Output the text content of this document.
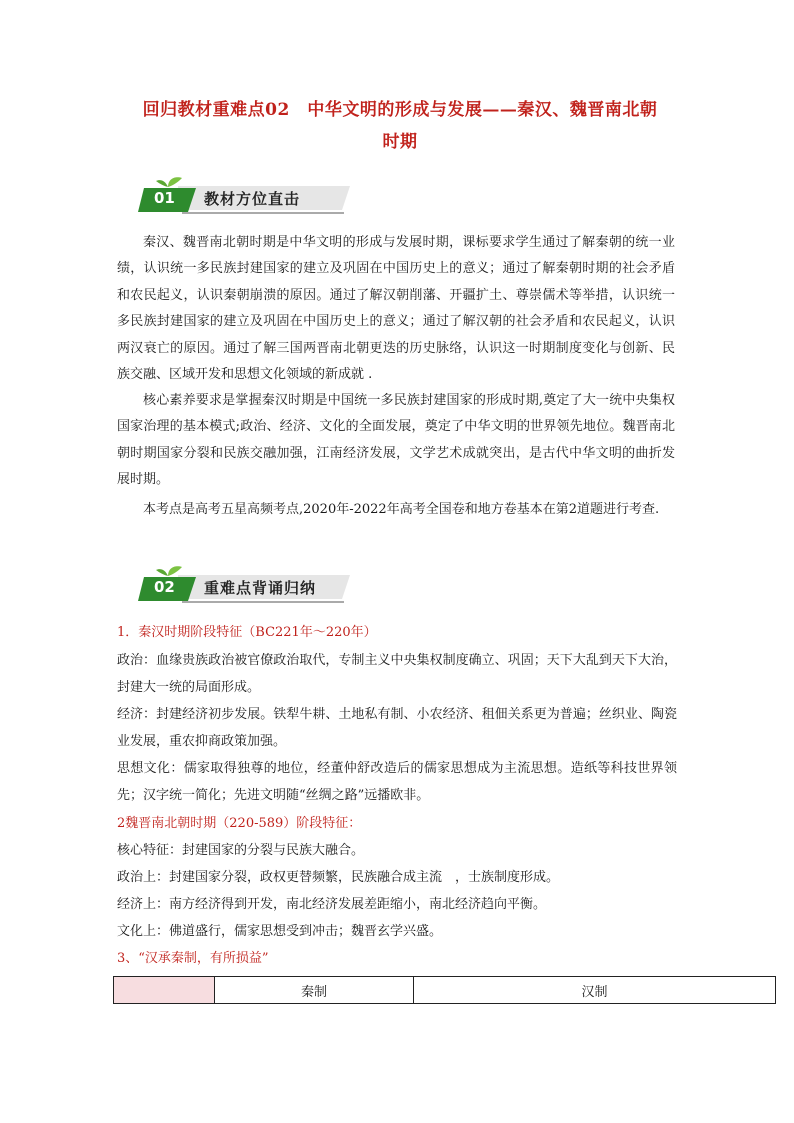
回归教材重难点02　中华文明的形成与发展——秦汉、魏晋南北朝
时期
01 教材方位直击
秦汉、魏晋南北朝时期是中华文明的形成与发展时期，课标要求学生通过了解秦朝的统一业绩，认识统一多民族封建国家的建立及巩固在中国历史上的意义；通过了解秦朝时期的社会矛盾和农民起义，认识秦朝崩溃的原因。通过了解汉朝削藩、开疆扩土、尊崇儒术等举措，认识统一多民族封建国家的建立及巩固在中国历史上的意义；通过了解汉朝的社会矛盾和农民起义，认识两汉衰亡的原因。通过了解三国两晋南北朝更迭的历史脉络，认识这一时期制度变化与创新、民族交融、区域开发和思想文化领域的新成就 .
核心素养要求是掌握秦汉时期是中国统一多民族封建国家的形成时期,奠定了大一统中央集权国家治理的基本模式;政治、经济、文化的全面发展，奠定了中华文明的世界领先地位。魏晋南北朝时期国家分裂和民族交融加强，江南经济发展，文学艺术成就突出，是古代中华文明的曲折发展时期。
本考点是高考五星高频考点,2020年-2022年高考全国卷和地方卷基本在第2道题进行考查.
02 重难点背诵归纳
1．秦汉时期阶段特征（BC221年～220年）
政治：血缘贵族政治被官僚政治取代，专制主义中央集权制度确立、巩固；天下大乱到天下大治，封建大一统的局面形成。
经济：封建经济初步发展。铁犁牛耕、土地私有制、小农经济、租佃关系更为普遍；丝织业、陶瓷业发展，重农抑商政策加强。
思想文化：儒家取得独尊的地位，经董仲舒改造后的儒家思想成为主流思想。造纸等科技世界领先；汉字统一简化；先进文明随“丝绸之路”远播欧非。
2魏晋南北朝时期（220-589）阶段特征：
核心特征：封建国家的分裂与民族大融合。
政治上：封建国家分裂，政权更替频繁，民族融合成主流　，士族制度形成。
经济上：南方经济得到开发，南北经济发展差距缩小，南北经济趋向平衡。
文化上：佛道盛行，儒家思想受到冲击；魏晋玄学兴盛。
3、“汉承秦制，有所损益”
	秦制	汉制
